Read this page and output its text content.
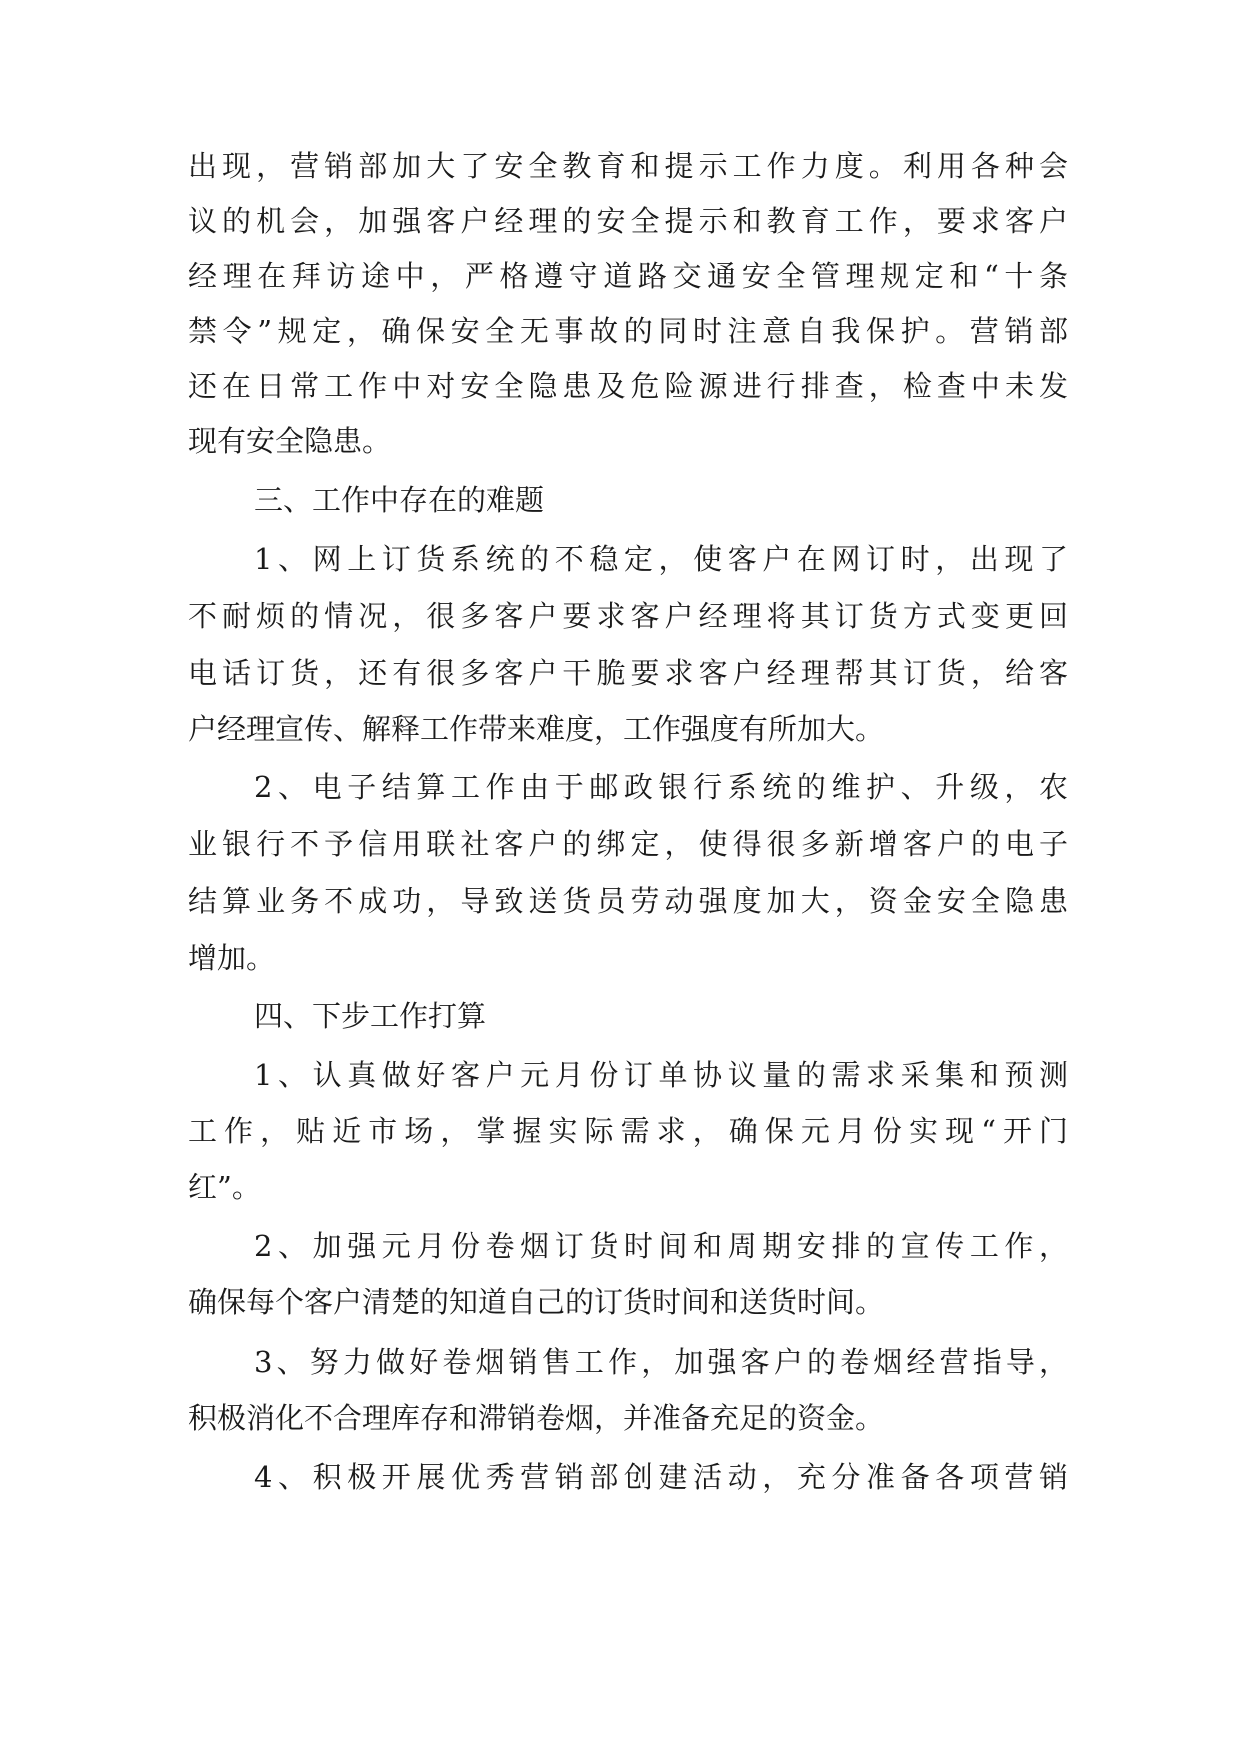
出现，营销部加大了安全教育和提示工作力度。利用各种会
议的机会，加强客户经理的安全提示和教育工作，要求客户
经理在拜访途中，严格遵守道路交通安全管理规定和“十条
禁令”规定，确保安全无事故的同时注意自我保护。营销部
还在日常工作中对安全隐患及危险源进行排查，检查中未发
现有安全隐患。
三、工作中存在的难题
1、网上订货系统的不稳定，使客户在网订时，出现了
不耐烦的情况，很多客户要求客户经理将其订货方式变更回
电话订货，还有很多客户干脆要求客户经理帮其订货，给客
户经理宣传、解释工作带来难度，工作强度有所加大。
2、电子结算工作由于邮政银行系统的维护、升级，农
业银行不予信用联社客户的绑定，使得很多新增客户的电子
结算业务不成功，导致送货员劳动强度加大，资金安全隐患
增加。
四、下步工作打算
1、认真做好客户元月份订单协议量的需求采集和预测
工作，贴近市场，掌握实际需求，确保元月份实现“开门
红”。
2、加强元月份卷烟订货时间和周期安排的宣传工作，
确保每个客户清楚的知道自己的订货时间和送货时间。
3、努力做好卷烟销售工作，加强客户的卷烟经营指导，
积极消化不合理库存和滞销卷烟，并准备充足的资金。
4、积极开展优秀营销部创建活动，充分准备各项营销
